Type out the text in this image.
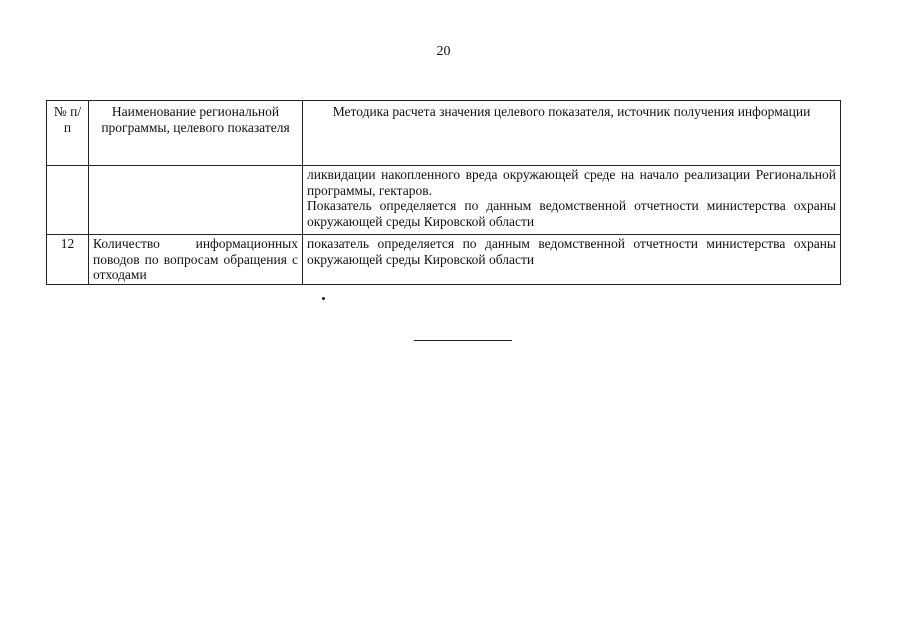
20
№ п/п	Наименование региональной программы, целевого показателя	Методика расчета значения целевого показателя, источник получения информации

		ликвидации накопленного вреда окружающей среде на начало реализации Региональной программы, гектаров.
Показатель определяется по данным ведомственной отчетности министерства охраны окружающей среды Кировской области

12	Количество информационных поводов по вопросам обращения с отходами	показатель определяется по данным ведомственной отчетности министерства охраны окружающей среды Кировской области
